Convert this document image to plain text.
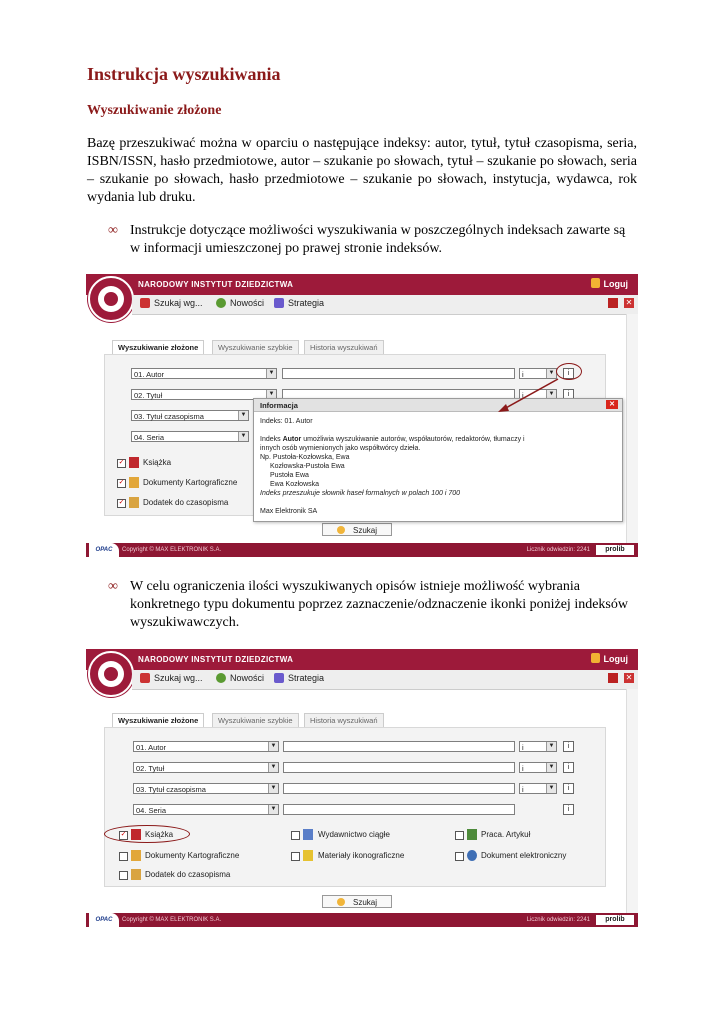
Instrukcja wyszukiwania
Wyszukiwanie złożone

Bazę przeszukiwać można w oparciu o następujące indeksy: autor, tytuł, tytuł czasopisma, seria, ISBN/ISSN, hasło przedmiotowe, autor – szukanie po słowach, tytuł – szukanie po słowach, seria – szukanie po słowach, hasło przedmiotowe – szukanie po słowach, instytucja, wydawca, rok wydania lub druku.

∞ Instrukcje dotyczące możliwości wyszukiwania w poszczególnych indeksach zawarte są w informacji umieszczonej po prawej stronie indeksów.
NARODOWY INSTYTUT DZIEDZICTWA	Loguj
Szukaj wg...	Nowości	Strategia	✕
Wyszukiwanie złożone	Wyszukiwanie szybkie	Historia wyszukiwań
01. Autor	▼	i	▼	i
02. Tytuł	▼	i	▼	i
03. Tytuł czasopisma	▼
04. Seria	▼
✓ Książka
✓ Dokumenty Kartograficzne
✓ Dodatek do czasopisma
Szukaj
Informacja	✕
Indeks: 01. Autor
Indeks Autor umożliwia wyszukiwanie autorów, współautorów, redaktorów, tłumaczy i
innych osób wymienionych jako współtwórcy dzieła.
Np. Pustoła-Kozłowska, Ewa
Kozłowska-Pustoła Ewa
Pustoła Ewa
Ewa Kozłowska
Indeks przeszukuje słownik haseł formalnych w polach 100 i 700
Max Elektronik SA
OPAC	Copyright © MAX ELEKTRONIK S.A.	Licznik odwiedzin: 2241	prolib
∞ W celu ograniczenia ilości wyszukiwanych opisów istnieje możliwość wybrania konkretnego typu dokumentu poprzez zaznaczenie/odznaczenie ikonki poniżej indeksów wyszukiwawczych.
NARODOWY INSTYTUT DZIEDZICTWA	Loguj
Szukaj wg...	Nowości	Strategia	✕
Wyszukiwanie złożone	Wyszukiwanie szybkie	Historia wyszukiwań
01. Autor	▼	i	▼	i
02. Tytuł	▼	i	▼	i
03. Tytuł czasopisma	▼	i	▼	i
04. Seria	▼	i
✓ Książka
Dokumenty Kartograficzne
Dodatek do czasopisma
Wydawnictwo ciągłe
Materiały ikonograficzne
Praca. Artykuł
Dokument elektroniczny
Szukaj
OPAC	Copyright © MAX ELEKTRONIK S.A.	Licznik odwiedzin: 2241	prolib
